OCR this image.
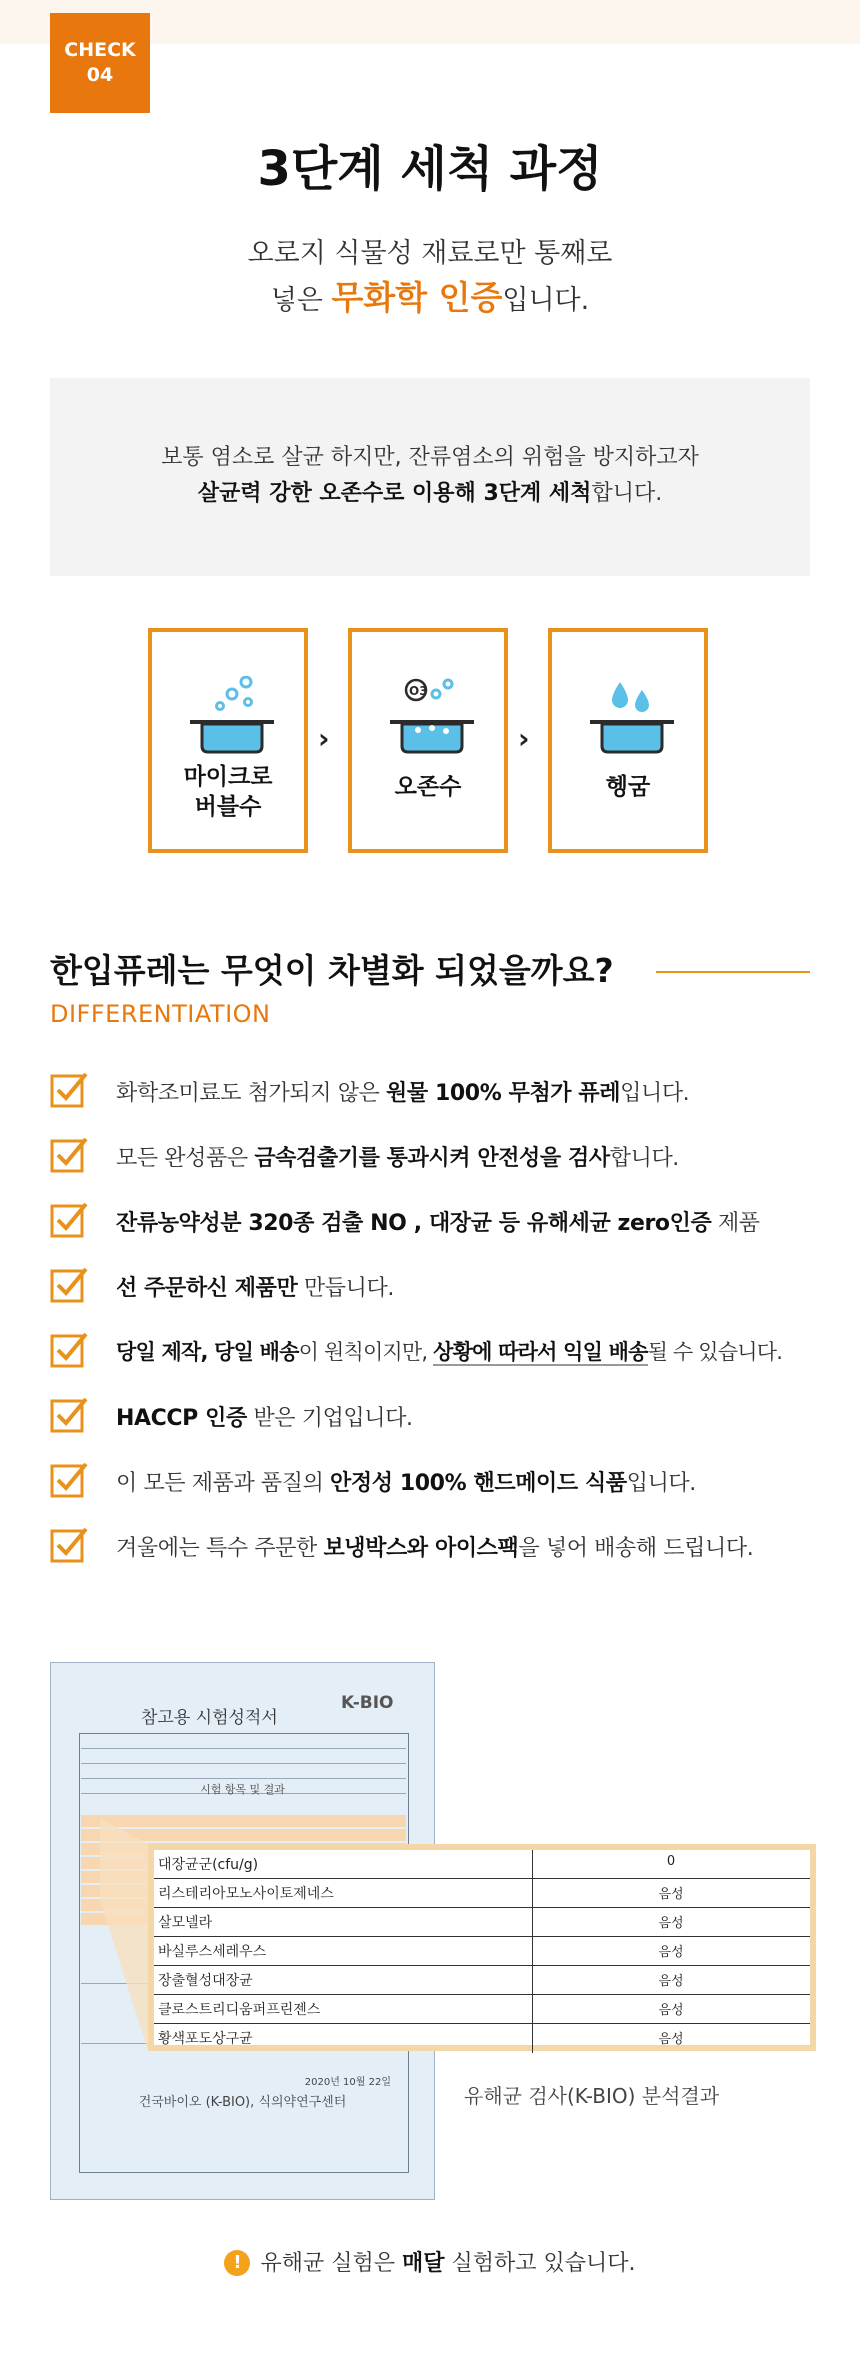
CHECK
04
3단계 세척 과정
오로지 식물성 재료로만 통째로
넣은 무화학 인증입니다.
보통 염소로 살균 하지만, 잔류염소의 위험을 방지하고자
살균력 강한 오존수로 이용해 3단계 세척합니다.
마이크로
버블수
›
O3
오존수
›
헹굼
한입퓨레는 무엇이 차별화 되었을까요?
DIFFERENTIATION
화학조미료도 첨가되지 않은 원물 100% 무첨가 퓨레입니다.
모든 완성품은 금속검출기를 통과시켜 안전성을 검사합니다.
잔류농약성분 320종 검출 NO , 대장균 등 유해세균 zero인증 제품
선 주문하신 제품만 만듭니다.
당일 제작, 당일 배송이 원칙이지만, 상황에 따라서 익일 배송될 수 있습니다.
HACCP 인증 받은 기업입니다.
이 모든 제품과 품질의 안정성 100% 핸드메이드 식품입니다.
겨울에는 특수 주문한 보냉박스와 아이스팩을 넣어 배송해 드립니다.
참고용 시험성적서
K-BIO
시험 항목 및 결과
2020년 10월 22일
건국바이오 (K-BIO), 식의약연구센터
대장균군(cfu/g)	0
리스테리아모노사이토제네스	음성
살모넬라	음성
바실루스세레우스	음성
장출혈성대장균	음성
클로스트리디움퍼프린젠스	음성
황색포도상구균	음성
유해균 검사(K-BIO) 분석결과
! 유해균 실험은 매달 실험하고 있습니다.
